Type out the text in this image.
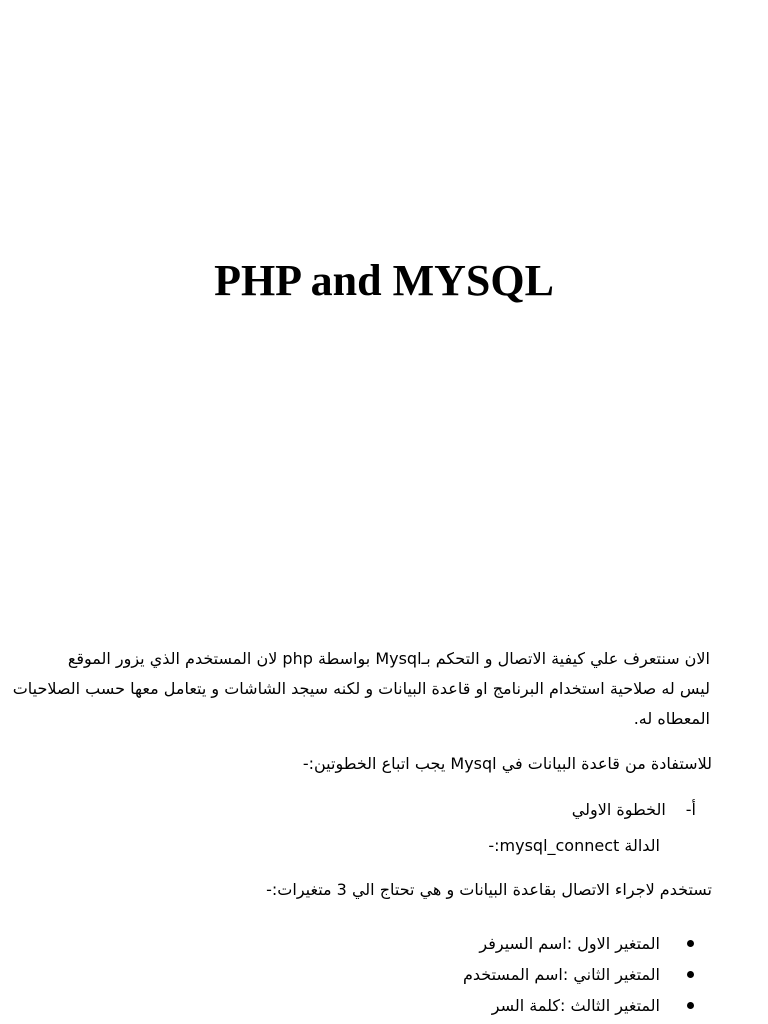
PHP and MYSQL
الان سنتعرف علي كيفية الاتصال و التحكم بـMysql بواسطة php لان المستخدم الذي يزور الموقع
ليس له صلاحية استخدام البرنامج او قاعدة البيانات و لكنه سيجد الشاشات و يتعامل معها حسب الصلاحيات
المعطاه له.
للاستفادة من قاعدة البيانات في Mysql يجب اتباع الخطوتين:-
أ-الخطوة الاولي
الدالة mysql_connect:-
تستخدم لاجراء الاتصال بقاعدة البيانات و هي تحتاج الي 3 متغيرات:-
المتغير الاول :اسم السيرفر
المتغير الثاني :اسم المستخدم
المتغير الثالث :كلمة السر
